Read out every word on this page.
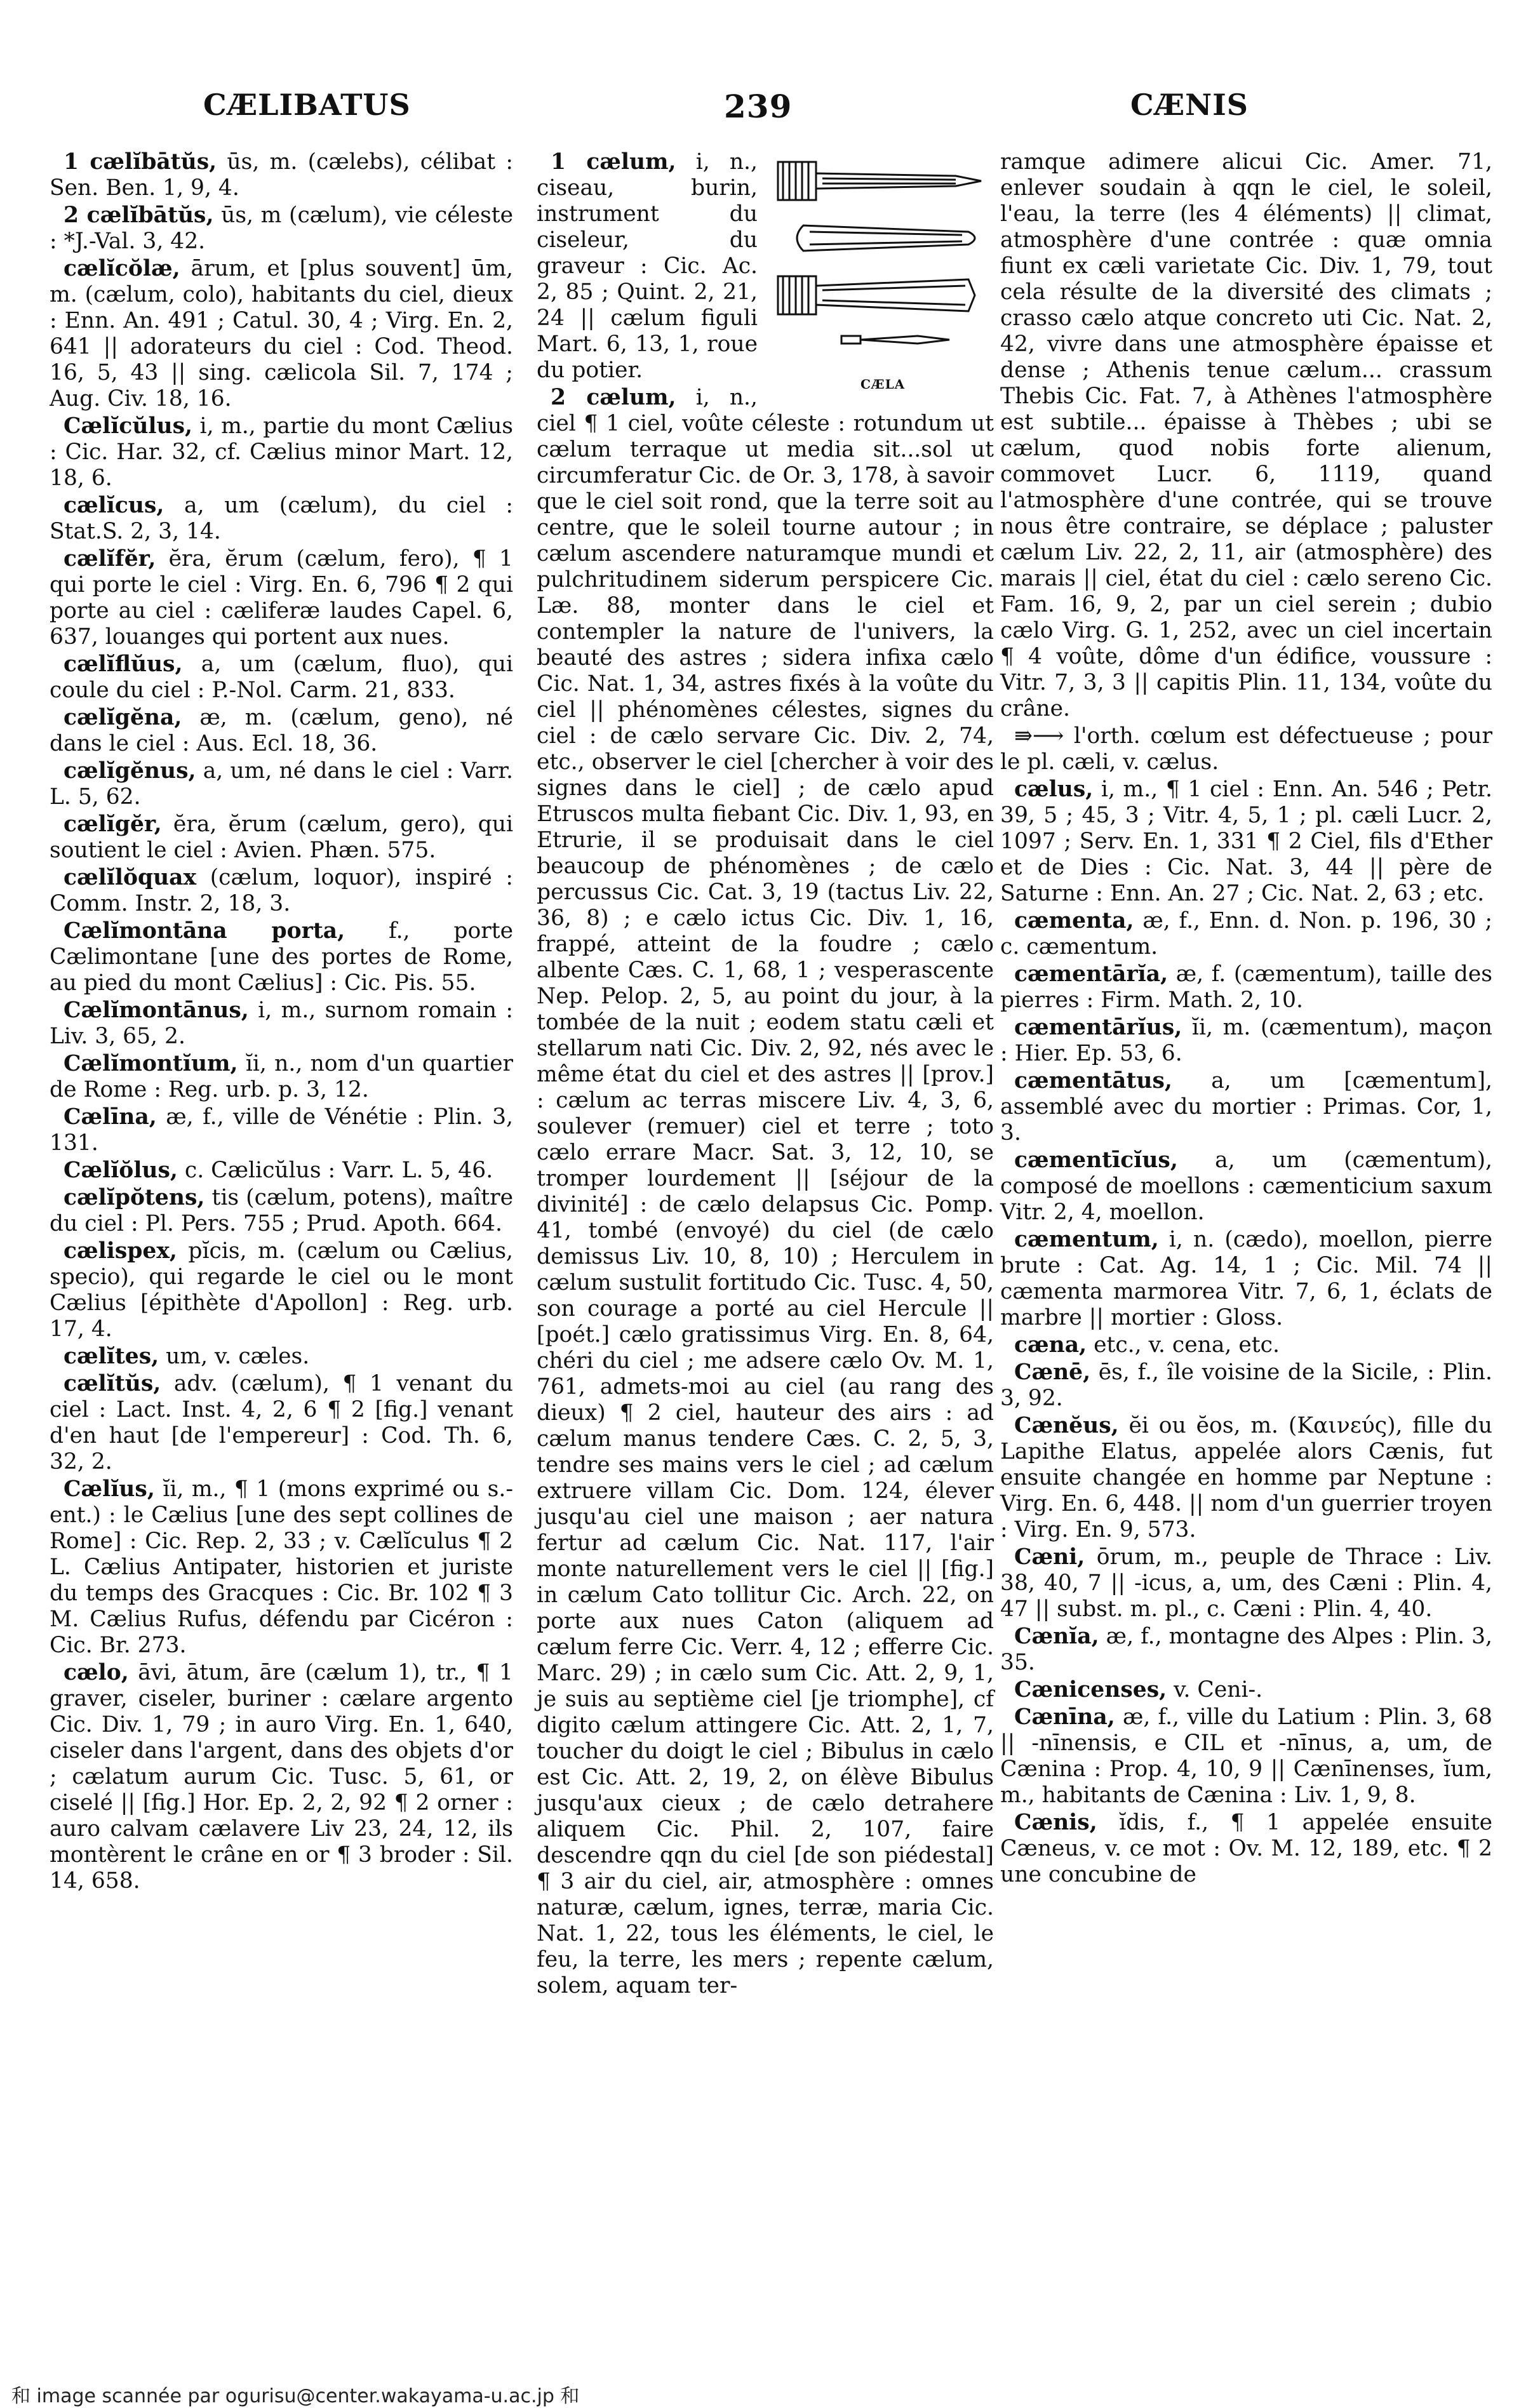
CÆLIBATUS	239	CÆNIS

1 cælĭbātŭs, ūs, m. (cælebs), célibat : Sen. Ben. 1, 9, 4.

2 cælĭbātŭs, ūs, m (cælum), vie céleste : *J.-Val. 3, 42.

cælĭcŏlæ, ārum, et [plus souvent] ūm, m. (cælum, colo), habitants du ciel, dieux : Enn. An. 491 ; Catul. 30, 4 ; Virg. En. 2, 641 || adorateurs du ciel : Cod. Theod. 16, 5, 43 || sing. cælicola Sil. 7, 174 ; Aug. Civ. 18, 16.

Cælĭcŭlus, i, m., partie du mont Cælius : Cic. Har. 32, cf. Cælius minor Mart. 12, 18, 6.

cælĭcus, a, um (cælum), du ciel : Stat.S. 2, 3, 14.

cælĭfĕr, ĕra, ĕrum (cælum, fero), ¶ 1 qui porte le ciel : Virg. En. 6, 796 ¶ 2 qui porte au ciel : cæliferæ laudes Capel. 6, 637, louanges qui portent aux nues.

cælĭflŭus, a, um (cælum, fluo), qui coule du ciel : P.-Nol. Carm. 21, 833.

cælĭgĕna, æ, m. (cælum, geno), né dans le ciel : Aus. Ecl. 18, 36.

cælĭgĕnus, a, um, né dans le ciel : Varr. L. 5, 62.

cælĭgĕr, ĕra, ĕrum (cælum, gero), qui soutient le ciel : Avien. Phæn. 575.

cælĭlŏquax (cælum, loquor), inspiré : Comm. Instr. 2, 18, 3.

Cælĭmontāna porta, f., porte Cælimontane [une des portes de Rome, au pied du mont Cælius] : Cic. Pis. 55.

Cælĭmontānus, i, m., surnom romain : Liv. 3, 65, 2.

Cælĭmontĭum, ĭi, n., nom d'un quartier de Rome : Reg. urb. p. 3, 12.

Cælīna, æ, f., ville de Vénétie : Plin. 3, 131.

Cælĭŏlus, c. Cælicŭlus : Varr. L. 5, 46.

cælĭpŏtens, tis (cælum, potens), maître du ciel : Pl. Pers. 755 ; Prud. Apoth. 664.

cælispex, pĭcis, m. (cælum ou Cælius, specio), qui regarde le ciel ou le mont Cælius [épithète d'Apollon] : Reg. urb. 17, 4.

cælĭtes, um, v. cæles.

cælĭtŭs, adv. (cælum), ¶ 1 venant du ciel : Lact. Inst. 4, 2, 6 ¶ 2 [fig.] venant d'en haut [de l'empereur] : Cod. Th. 6, 32, 2.

Cælĭus, ĭi, m., ¶ 1 (mons exprimé ou s.-ent.) : le Cælius [une des sept collines de Rome] : Cic. Rep. 2, 33 ; v. Cælĭculus ¶ 2 L. Cælius Antipater, historien et juriste du temps des Gracques : Cic. Br. 102 ¶ 3 M. Cælius Rufus, défendu par Cicéron : Cic. Br. 273.

cælo, āvi, ātum, āre (cælum 1), tr., ¶ 1 graver, ciseler, buriner : cælare argento Cic. Div. 1, 79 ; in auro Virg. En. 1, 640, ciseler dans l'argent, dans des objets d'or ; cælatum aurum Cic. Tusc. 5, 61, or ciselé || [fig.] Hor. Ep. 2, 2, 92 ¶ 2 orner : auro calvam cælavere Liv 23, 24, 12, ils montèrent le crâne en or ¶ 3 broder : Sil. 14, 658.

CÆLA

1 cælum, i, n., ciseau, burin, instrument du ciseleur, du graveur : Cic. Ac. 2, 85 ; Quint. 2, 21, 24 || cælum figuli Mart. 6, 13, 1, roue du potier.

2 cælum, i, n., ciel ¶ 1 ciel, voûte céleste : rotundum ut cælum terraque ut media sit...sol ut circumferatur Cic. de Or. 3, 178, à savoir que le ciel soit rond, que la terre soit au centre, que le soleil tourne autour ; in cælum ascendere naturamque mundi et pulchritudinem siderum perspicere Cic. Læ. 88, monter dans le ciel et contempler la nature de l'univers, la beauté des astres ; sidera infixa cælo Cic. Nat. 1, 34, astres fixés à la voûte du ciel || phénomènes célestes, signes du ciel : de cælo servare Cic. Div. 2, 74, etc., observer le ciel [chercher à voir des signes dans le ciel] ; de cælo apud Etruscos multa fiebant Cic. Div. 1, 93, en Etrurie, il se produisait dans le ciel beaucoup de phénomènes ; de cælo percussus Cic. Cat. 3, 19 (tactus Liv. 22, 36, 8) ; e cælo ictus Cic. Div. 1, 16, frappé, atteint de la foudre ; cælo albente Cæs. C. 1, 68, 1 ; vesperascente Nep. Pelop. 2, 5, au point du jour, à la tombée de la nuit ; eodem statu cæli et stellarum nati Cic. Div. 2, 92, nés avec le même état du ciel et des astres || [prov.] : cælum ac terras miscere Liv. 4, 3, 6, soulever (remuer) ciel et terre ; toto cælo errare Macr. Sat. 3, 12, 10, se tromper lourdement || [séjour de la divinité] : de cælo delapsus Cic. Pomp. 41, tombé (envoyé) du ciel (de cælo demissus Liv. 10, 8, 10) ; Herculem in cælum sustulit fortitudo Cic. Tusc. 4, 50, son courage a porté au ciel Hercule || [poét.] cælo gratissimus Virg. En. 8, 64, chéri du ciel ; me adsere cælo Ov. M. 1, 761, admets-moi au ciel (au rang des dieux) ¶ 2 ciel, hauteur des airs : ad cælum manus tendere Cæs. C. 2, 5, 3, tendre ses mains vers le ciel ; ad cælum extruere villam Cic. Dom. 124, élever jusqu'au ciel une maison ; aer natura fertur ad cælum Cic. Nat. 117, l'air monte naturellement vers le ciel || [fig.] in cælum Cato tollitur Cic. Arch. 22, on porte aux nues Caton (aliquem ad cælum ferre Cic. Verr. 4, 12 ; efferre Cic. Marc. 29) ; in cælo sum Cic. Att. 2, 9, 1, je suis au septième ciel [je triomphe], cf digito cælum attingere Cic. Att. 2, 1, 7, toucher du doigt le ciel ; Bibulus in cælo est Cic. Att. 2, 19, 2, on élève Bibulus jusqu'aux cieux ; de cælo detrahere aliquem Cic. Phil. 2, 107, faire descendre qqn du ciel [de son piédestal] ¶ 3 air du ciel, air, atmosphère : omnes naturæ, cælum, ignes, terræ, maria Cic. Nat. 1, 22, tous les éléments, le ciel, le feu, la terre, les mers ; repente cælum, solem, aquam ter-

ramque adimere alicui Cic. Amer. 71, enlever soudain à qqn le ciel, le soleil, l'eau, la terre (les 4 éléments) || climat, atmosphère d'une contrée : quæ omnia fiunt ex cæli varietate Cic. Div. 1, 79, tout cela résulte de la diversité des climats ; crasso cælo atque concreto uti Cic. Nat. 2, 42, vivre dans une atmosphère épaisse et dense ; Athenis tenue cælum... crassum Thebis Cic. Fat. 7, à Athènes l'atmosphère est subtile... épaisse à Thèbes ; ubi se cælum, quod nobis forte alienum, commovet Lucr. 6, 1119, quand l'atmosphère d'une contrée, qui se trouve nous être contraire, se déplace ; paluster cælum Liv. 22, 2, 11, air (atmosphère) des marais || ciel, état du ciel : cælo sereno Cic. Fam. 16, 9, 2, par un ciel serein ; dubio cælo Virg. G. 1, 252, avec un ciel incertain ¶ 4 voûte, dôme d'un édifice, voussure : Vitr. 7, 3, 3 || capitis Plin. 11, 134, voûte du crâne.

⇛⟶ l'orth. cœlum est défectueuse ; pour le pl. cæli, v. cælus.

cælus, i, m., ¶ 1 ciel : Enn. An. 546 ; Petr. 39, 5 ; 45, 3 ; Vitr. 4, 5, 1 ; pl. cæli Lucr. 2, 1097 ; Serv. En. 1, 331 ¶ 2 Ciel, fils d'Ether et de Dies : Cic. Nat. 3, 44 || père de Saturne : Enn. An. 27 ; Cic. Nat. 2, 63 ; etc.

cæmenta, æ, f., Enn. d. Non. p. 196, 30 ; c. cæmentum.

cæmentārĭa, æ, f. (cæmentum), taille des pierres : Firm. Math. 2, 10.

cæmentārĭus, ĭi, m. (cæmentum), maçon : Hier. Ep. 53, 6.

cæmentātus, a, um [cæmentum], assemblé avec du mortier : Primas. Cor, 1, 3.

cæmentīcĭus, a, um (cæmentum), composé de moellons : cæmenticium saxum Vitr. 2, 4, moellon.

cæmentum, i, n. (cædo), moellon, pierre brute : Cat. Ag. 14, 1 ; Cic. Mil. 74 || cæmenta marmorea Vitr. 7, 6, 1, éclats de marbre || mortier : Gloss.

cæna, etc., v. cena, etc.

Cænē, ēs, f., île voisine de la Sicile, : Plin. 3, 92.

Cænĕus, ĕi ou ĕos, m. (Καινεύς), fille du Lapithe Elatus, appelée alors Cænis, fut ensuite changée en homme par Neptune : Virg. En. 6, 448. || nom d'un guerrier troyen : Virg. En. 9, 573.

Cæni, ōrum, m., peuple de Thrace : Liv. 38, 40, 7 || -icus, a, um, des Cæni : Plin. 4, 47 || subst. m. pl., c. Cæni : Plin. 4, 40.

Cænĭa, æ, f., montagne des Alpes : Plin. 3, 35.

Cænicenses, v. Ceni-.

Cænīna, æ, f., ville du Latium : Plin. 3, 68 || -nīnensis, e CIL et -nīnus, a, um, de Cænina : Prop. 4, 10, 9 || Cænīnenses, ĭum, m., habitants de Cænina : Liv. 1, 9, 8.

Cænis, ĭdis, f., ¶ 1 appelée ensuite Cæneus, v. ce mot : Ov. M. 12, 189, etc. ¶ 2 une concubine de

和 image scannée par ogurisu@center.wakayama-u.ac.jp 和
